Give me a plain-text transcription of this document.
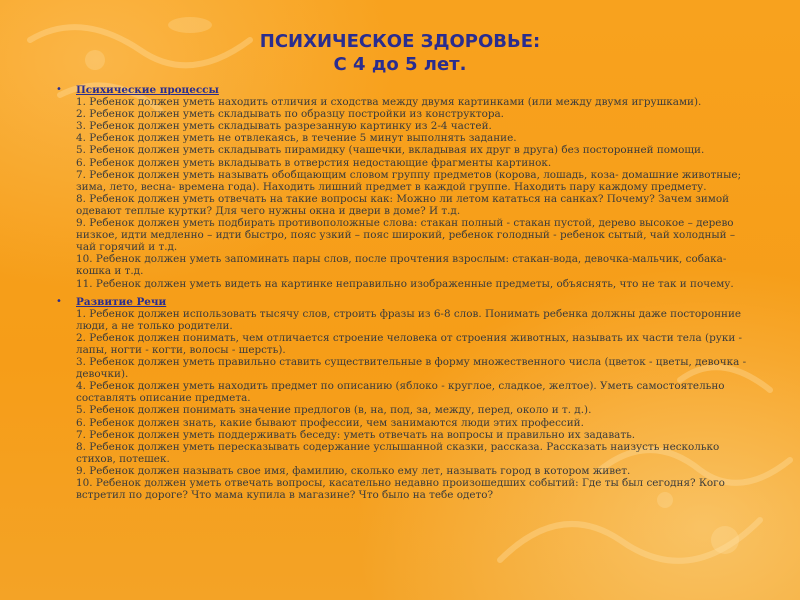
ПСИХИЧЕСКОЕ ЗДОРОВЬЕ:
С 4 до 5 лет.
• Психические процессы
1. Ребенок должен уметь находить отличия и сходства между двумя картинками (или между двумя игрушками).
2. Ребенок должен уметь складывать по образцу постройки из конструктора.
3. Ребенок должен уметь складывать разрезанную картинку из 2-4 частей.
4. Ребенок должен уметь не отвлекаясь, в течение 5 минут выполнять задание.
5. Ребенок должен уметь складывать пирамидку (чашечки, вкладывая их друг в друга) без посторонней помощи.
6. Ребенок должен уметь вкладывать в отверстия недостающие фрагменты картинок.
7. Ребенок должен уметь называть обобщающим словом группу предметов (корова, лошадь, коза- домашние животные; зима, лето, весна- времена года). Находить лишний предмет в каждой группе. Находить пару каждому предмету.
8. Ребенок должен уметь отвечать на такие вопросы как: Можно ли летом кататься на санках? Почему? Зачем зимой одевают теплые куртки? Для чего нужны окна и двери в доме? И т.д.
9. Ребенок должен уметь подбирать противоположные слова: стакан полный - стакан пустой, дерево высокое – дерево низкое, идти медленно – идти быстро, пояс узкий – пояс широкий, ребенок голодный - ребенок сытый, чай холодный – чай горячий и т.д.
10. Ребенок должен уметь запоминать пары слов, после прочтения взрослым: стакан-вода, девочка-мальчик, собака-кошка и т.д.
11. Ребенок должен уметь видеть на картинке неправильно изображенные предметы, объяснять, что не так и почему.
• Развитие Речи
1. Ребенок должен использовать тысячу слов, строить фразы из 6-8 слов. Понимать ребенка должны даже посторонние люди, а не только родители.
2. Ребенок должен понимать, чем отличается строение человека от строения животных, называть их части тела (руки - лапы, ногти - когти, волосы - шерсть).
3. Ребенок должен уметь правильно ставить существительные в форму множественного числа (цветок - цветы, девочка - девочки).
4. Ребенок должен уметь находить предмет по описанию (яблоко - круглое, сладкое, желтое). Уметь самостоятельно составлять описание предмета.
5. Ребенок должен понимать значение предлогов (в, на, под, за, между, перед, около и т. д.).
6. Ребенок должен знать, какие бывают профессии, чем занимаются люди этих профессий.
7. Ребенок должен уметь поддерживать беседу: уметь отвечать на вопросы и правильно их задавать.
8. Ребенок должен уметь пересказывать содержание услышанной сказки, рассказа. Рассказать наизусть несколько стихов, потешек.
9. Ребенок должен называть свое имя, фамилию, сколько ему лет, называть город в котором живет.
10. Ребенок должен уметь отвечать вопросы, касательно недавно произошедших событий: Где ты был сегодня? Кого встретил по дороге? Что мама купила в магазине? Что было на тебе одето?
